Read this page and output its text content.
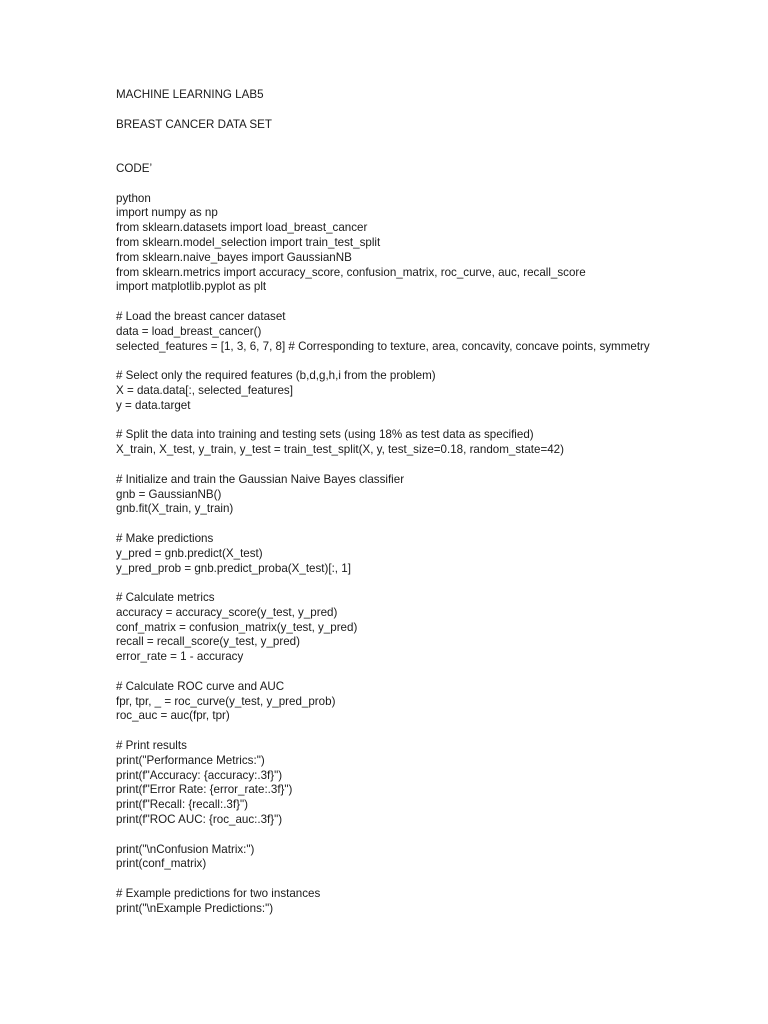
MACHINE LEARNING LAB5
BREAST CANCER DATA SET
CODE’
python
import numpy as np
from sklearn.datasets import load_breast_cancer
from sklearn.model_selection import train_test_split
from sklearn.naive_bayes import GaussianNB
from sklearn.metrics import accuracy_score, confusion_matrix, roc_curve, auc, recall_score
import matplotlib.pyplot as plt
# Load the breast cancer dataset
data = load_breast_cancer()
selected_features = [1, 3, 6, 7, 8] # Corresponding to texture, area, concavity, concave points, symmetry
# Select only the required features (b,d,g,h,i from the problem)
X = data.data[:, selected_features]
y = data.target
# Split the data into training and testing sets (using 18% as test data as specified)
X_train, X_test, y_train, y_test = train_test_split(X, y, test_size=0.18, random_state=42)
# Initialize and train the Gaussian Naive Bayes classifier
gnb = GaussianNB()
gnb.fit(X_train, y_train)
# Make predictions
y_pred = gnb.predict(X_test)
y_pred_prob = gnb.predict_proba(X_test)[:, 1]
# Calculate metrics
accuracy = accuracy_score(y_test, y_pred)
conf_matrix = confusion_matrix(y_test, y_pred)
recall = recall_score(y_test, y_pred)
error_rate = 1 - accuracy
# Calculate ROC curve and AUC
fpr, tpr, _ = roc_curve(y_test, y_pred_prob)
roc_auc = auc(fpr, tpr)
# Print results
print("Performance Metrics:")
print(f"Accuracy: {accuracy:.3f}")
print(f"Error Rate: {error_rate:.3f}")
print(f"Recall: {recall:.3f}")
print(f"ROC AUC: {roc_auc:.3f}")
print("\nConfusion Matrix:")
print(conf_matrix)
# Example predictions for two instances
print("\nExample Predictions:")
